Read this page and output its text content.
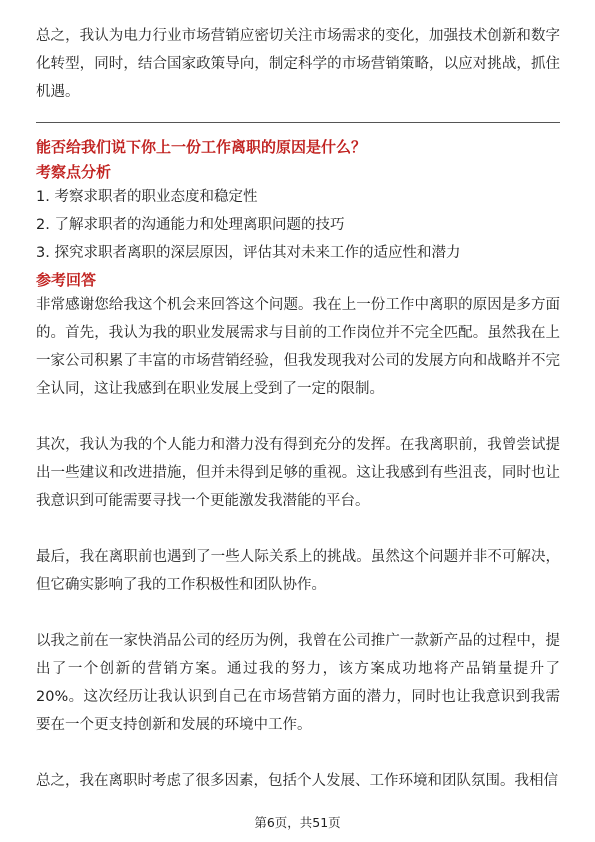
总之，我认为电力行业市场营销应密切关注市场需求的变化，加强技术创新和数字化转型，同时，结合国家政策导向，制定科学的市场营销策略，以应对挑战，抓住机遇。

能否给我们说下你上一份工作离职的原因是什么？

考察点分析

1. 考察求职者的职业态度和稳定性

2. 了解求职者的沟通能力和处理离职问题的技巧

3. 探究求职者离职的深层原因，评估其对未来工作的适应性和潜力

参考回答

非常感谢您给我这个机会来回答这个问题。我在上一份工作中离职的原因是多方面的。首先，我认为我的职业发展需求与目前的工作岗位并不完全匹配。虽然我在上一家公司积累了丰富的市场营销经验，但我发现我对公司的发展方向和战略并不完全认同，这让我感到在职业发展上受到了一定的限制。

其次，我认为我的个人能力和潜力没有得到充分的发挥。在我离职前，我曾尝试提出一些建议和改进措施，但并未得到足够的重视。这让我感到有些沮丧，同时也让我意识到可能需要寻找一个更能激发我潜能的平台。

最后，我在离职前也遇到了一些人际关系上的挑战。虽然这个问题并非不可解决，但它确实影响了我的工作积极性和团队协作。

以我之前在一家快消品公司的经历为例，我曾在公司推广一款新产品的过程中，提出了一个创新的营销方案。通过我的努力，该方案成功地将产品销量提升了20%。这次经历让我认识到自己在市场营销方面的潜力，同时也让我意识到我需要在一个更支持创新和发展的环境中工作。

总之，我在离职时考虑了很多因素，包括个人发展、工作环境和团队氛围。我相信

第6页，共51页
